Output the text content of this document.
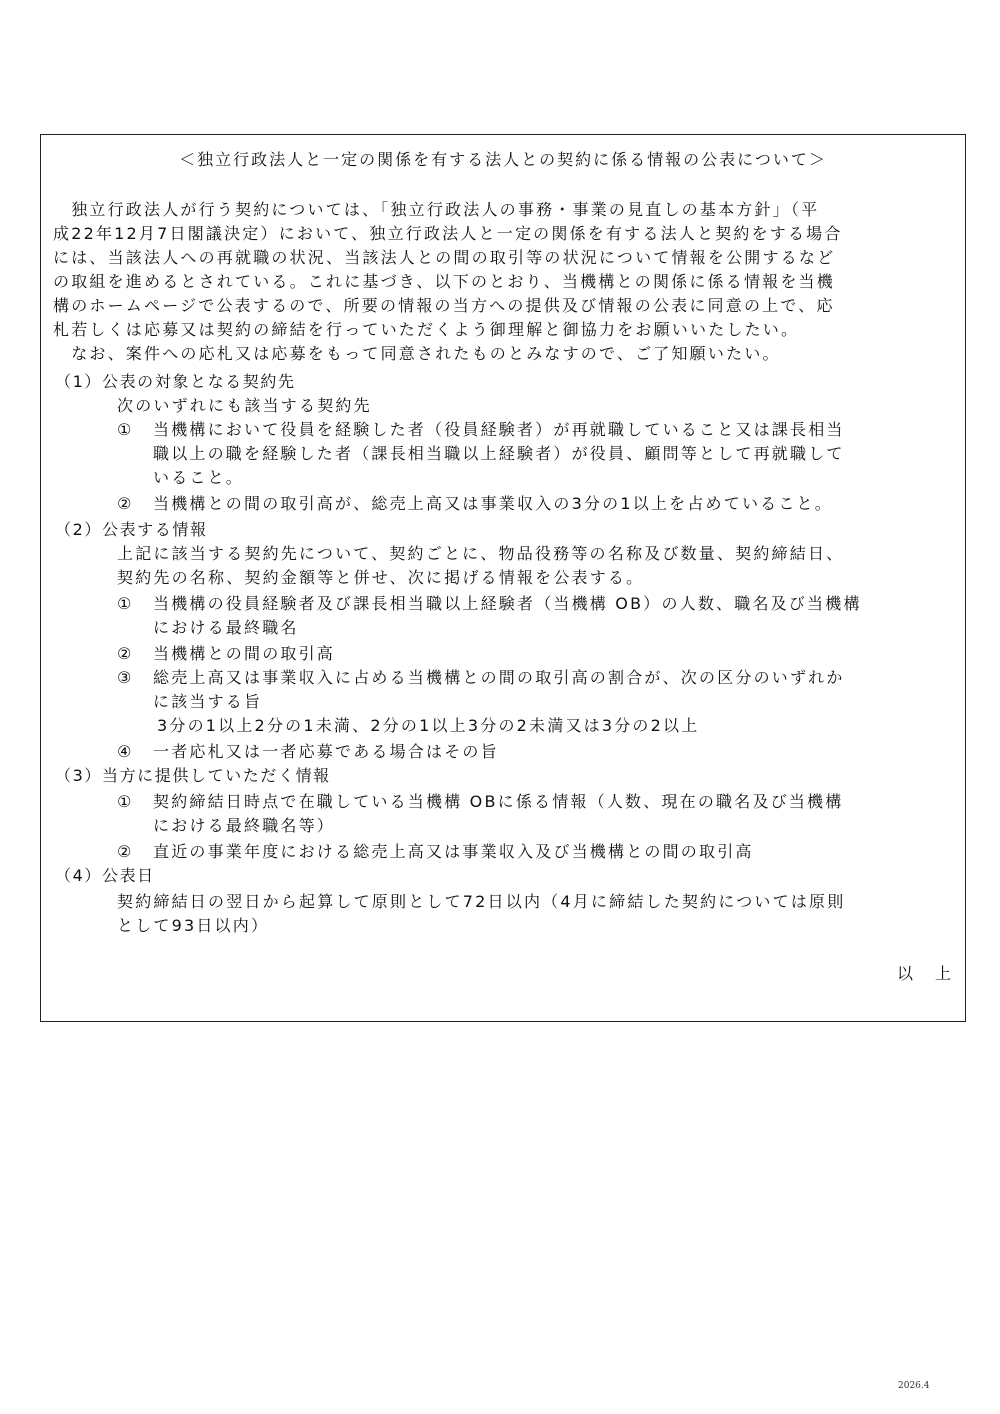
＜独立行政法人と一定の関係を有する法人との契約に係る情報の公表について＞
　独立行政法人が行う契約については、「独立行政法人の事務・事業の見直しの基本方針」（平
成22年12月7日閣議決定）において、独立行政法人と一定の関係を有する法人と契約をする場合
には、当該法人への再就職の状況、当該法人との間の取引等の状況について情報を公開するなど
の取組を進めるとされている。これに基づき、以下のとおり、当機構との関係に係る情報を当機
構のホームページで公表するので、所要の情報の当方への提供及び情報の公表に同意の上で、応
札若しくは応募又は契約の締結を行っていただくよう御理解と御協力をお願いいたしたい。
　なお、案件への応札又は応募をもって同意されたものとみなすので、ご了知願いたい。
（1）公表の対象となる契約先
次のいずれにも該当する契約先
① 当機構において役員を経験した者（役員経験者）が再就職していること又は課長相当
職以上の職を経験した者（課長相当職以上経験者）が役員、顧問等として再就職して
いること。
② 当機構との間の取引高が、総売上高又は事業収入の3分の1以上を占めていること。
（2）公表する情報
上記に該当する契約先について、契約ごとに、物品役務等の名称及び数量、契約締結日、
契約先の名称、契約金額等と併せ、次に掲げる情報を公表する。
① 当機構の役員経験者及び課長相当職以上経験者（当機構 OB）の人数、職名及び当機構
における最終職名
② 当機構との間の取引高
③ 総売上高又は事業収入に占める当機構との間の取引高の割合が、次の区分のいずれか
に該当する旨
3分の1以上2分の1未満、2分の1以上3分の2未満又は3分の2以上
④ 一者応札又は一者応募である場合はその旨
（3）当方に提供していただく情報
① 契約締結日時点で在職している当機構 OBに係る情報（人数、現在の職名及び当機構
における最終職名等）
② 直近の事業年度における総売上高又は事業収入及び当機構との間の取引高
（4）公表日
契約締結日の翌日から起算して原則として72日以内（4月に締結した契約については原則
として93日以内）
以上
2026.4
